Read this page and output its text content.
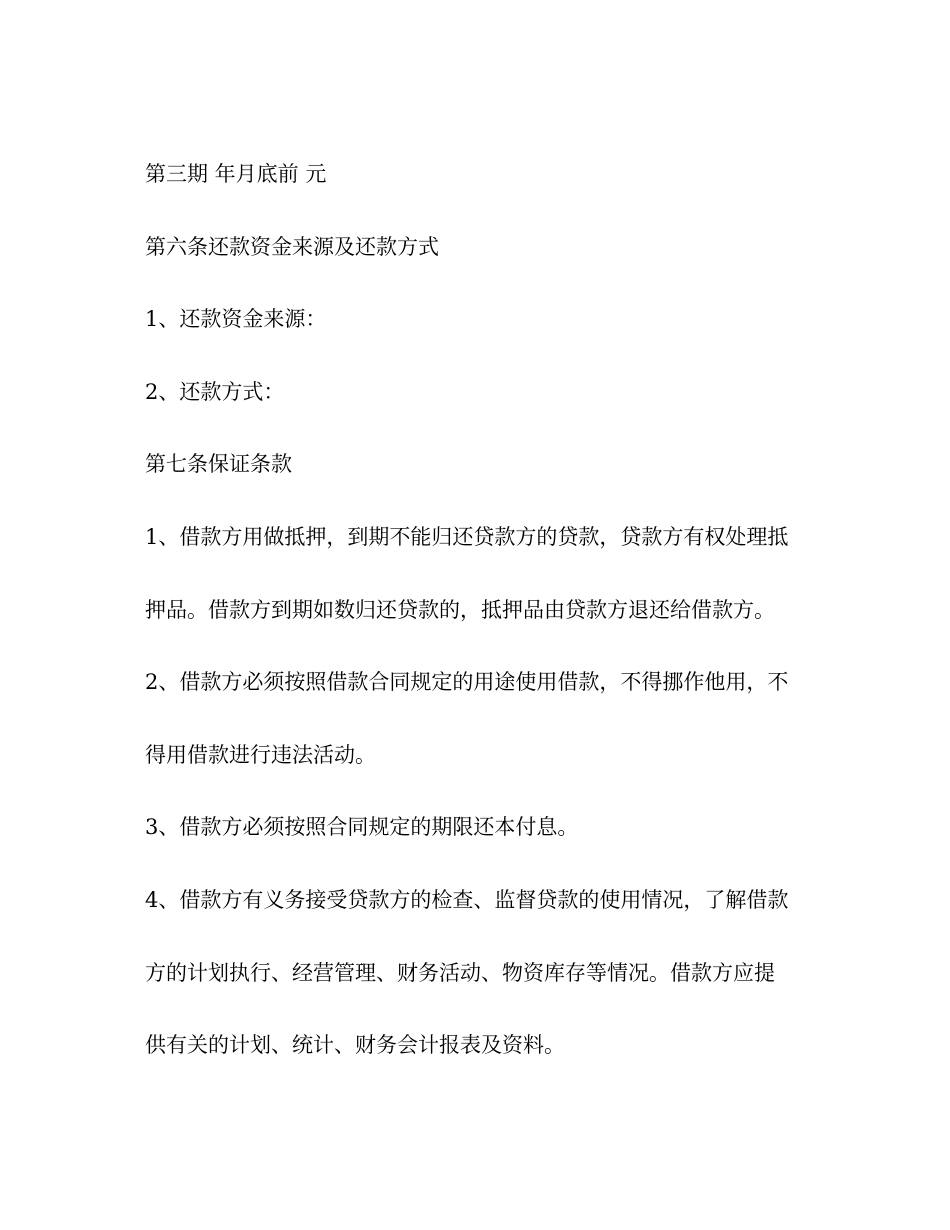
第三期 年月底前 元
第六条还款资金来源及还款方式
1、还款资金来源：
2、还款方式：
第七条保证条款
1、借款方用做抵押，到期不能归还贷款方的贷款，贷款方有权处理抵
押品。借款方到期如数归还贷款的，抵押品由贷款方退还给借款方。
2、借款方必须按照借款合同规定的用途使用借款，不得挪作他用，不
得用借款进行违法活动。
3、借款方必须按照合同规定的期限还本付息。
4、借款方有义务接受贷款方的检查、监督贷款的使用情况，了解借款
方的计划执行、经营管理、财务活动、物资库存等情况。借款方应提
供有关的计划、统计、财务会计报表及资料。
